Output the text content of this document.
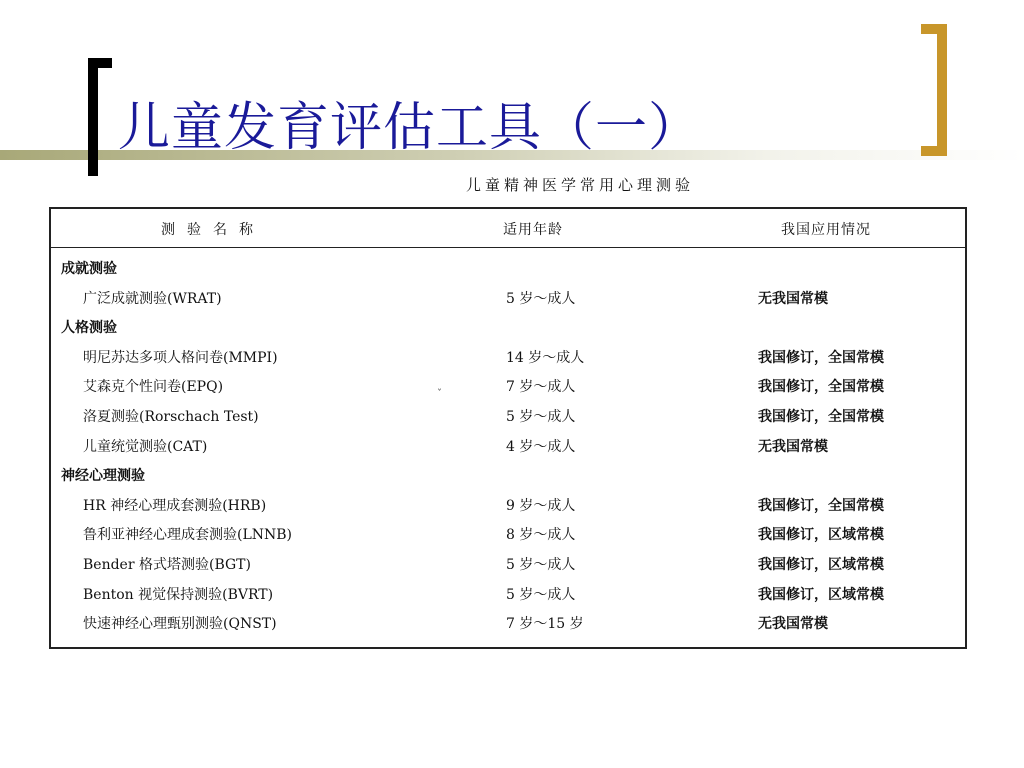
儿童发育评估工具（一）
儿童精神医学常用心理测验
测验名称	适用年龄	我国应用情况
成就测验
广泛成就测验(WRAT)	5 岁～成人	无我国常模
人格测验
明尼苏达多项人格问卷(MMPI)	14 岁～成人	我国修订，全国常模
艾森克个性问卷(EPQ)	7 岁～成人	我国修订，全国常模
洛夏测验(Rorschach Test)	5 岁～成人	我国修订，全国常模
儿童统觉测验(CAT)	4 岁～成人	无我国常模
神经心理测验
HR 神经心理成套测验(HRB)	9 岁～成人	我国修订，全国常模
鲁利亚神经心理成套测验(LNNB)	8 岁～成人	我国修订，区域常模
Bender 格式塔测验(BGT)	5 岁～成人	我国修订，区域常模
Benton 视觉保持测验(BVRT)	5 岁～成人	我国修订，区域常模
快速神经心理甄别测验(QNST)	7 岁～15 岁	无我国常模
ˇ
